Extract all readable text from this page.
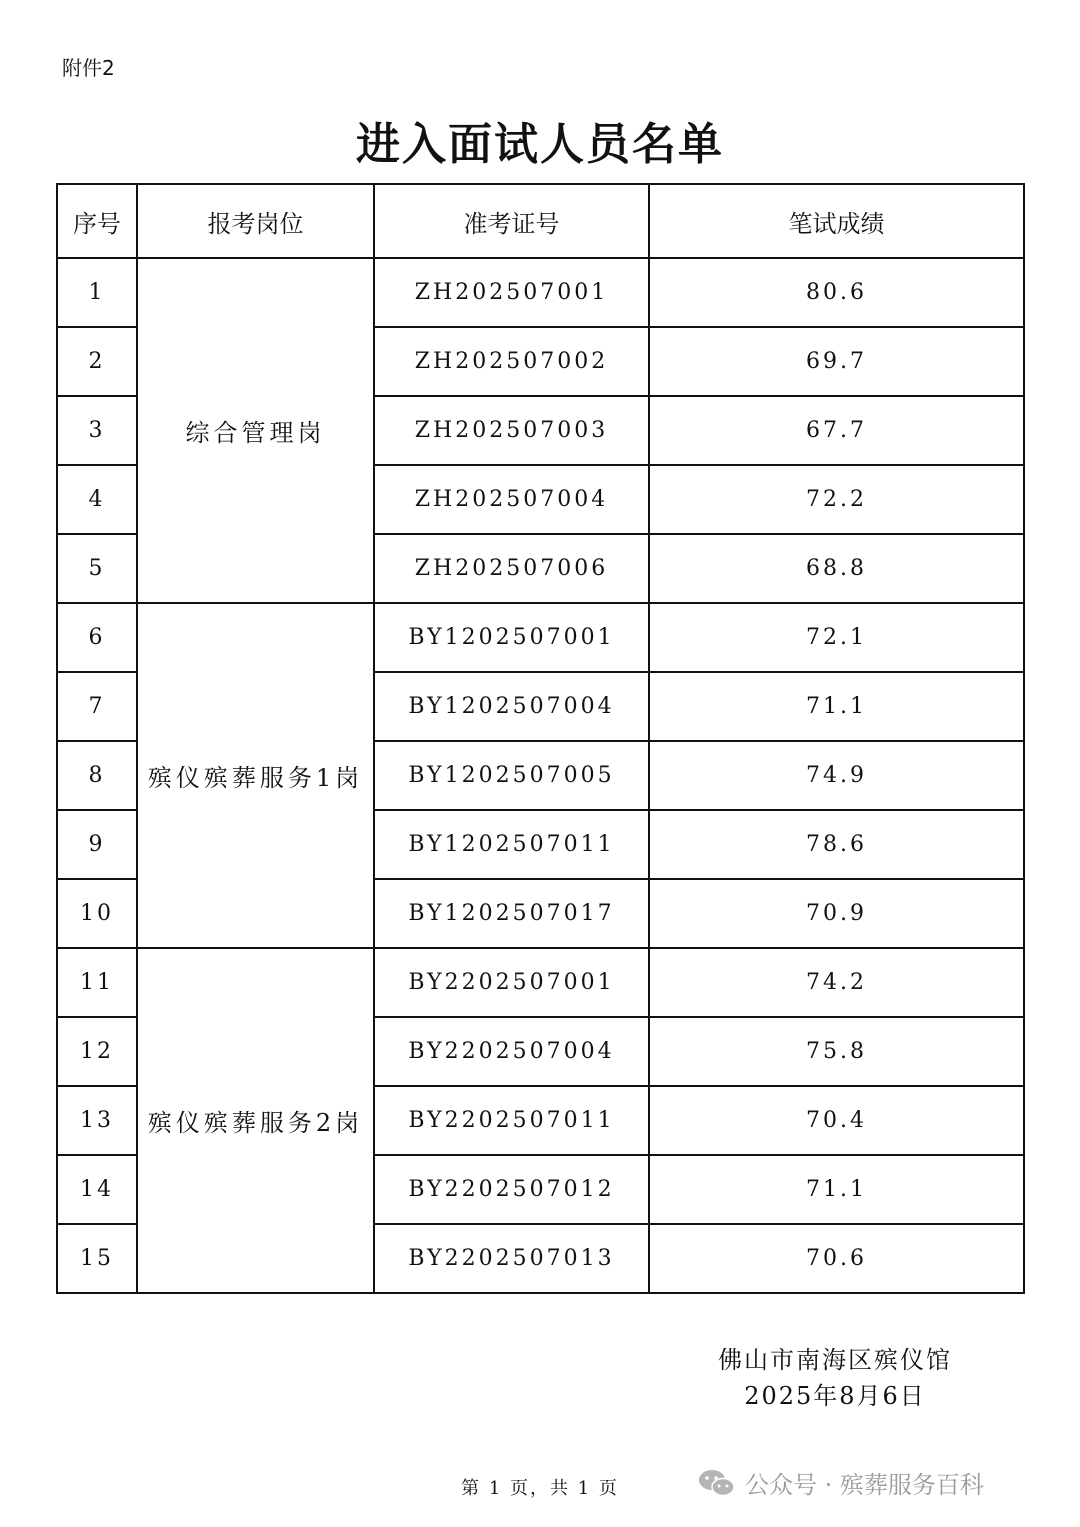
附件2
进入面试人员名单
序号	报考岗位	准考证号	笔试成绩
1	综合管理岗	ZH202507001	80.6
2		ZH202507002	69.7
3		ZH202507003	67.7
4		ZH202507004	72.2
5		ZH202507006	68.8
6	殡仪殡葬服务1岗	BY1202507001	72.1
7		BY1202507004	71.1
8		BY1202507005	74.9
9		BY1202507011	78.6
10		BY1202507017	70.9
11	殡仪殡葬服务2岗	BY2202507001	74.2
12		BY2202507004	75.8
13		BY2202507011	70.4
14		BY2202507012	71.1
15		BY2202507013	70.6
佛山市南海区殡仪馆
2025年8月6日
第 1 页，共 1 页	公众号 · 殡葬服务百科
